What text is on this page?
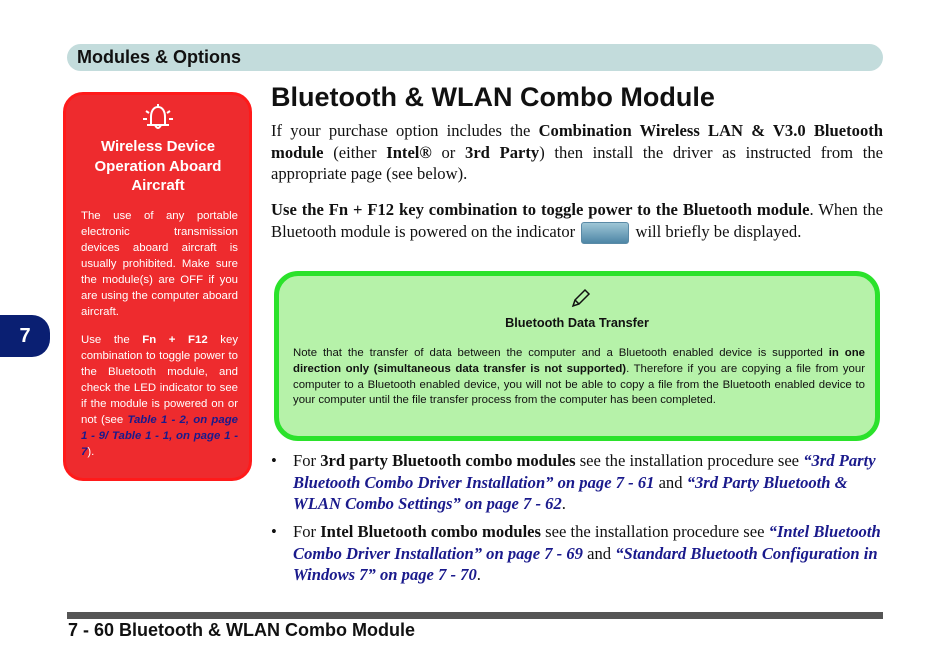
Modules & Options
7
Wireless Device Operation Aboard Aircraft
The use of any portable electronic transmission devices aboard aircraft is usually prohibited. Make sure the module(s) are OFF if you are using the computer aboard aircraft.
Use the Fn + F12 key combination to toggle power to the Bluetooth module, and check the LED indicator to see if the module is powered on or not (see Table 1 - 2, on page 1 - 9/ Table 1 - 1, on page 1 - 7).
Bluetooth & WLAN Combo Module
If your purchase option includes the Combination Wireless LAN & V3.0 Bluetooth module (either Intel® or 3rd Party) then install the driver as instructed from the appropriate page (see below).
Use the Fn + F12 key combination to toggle power to the Bluetooth module. When the Bluetooth module is powered on the indicator	will briefly be displayed.
Bluetooth Data Transfer
Note that the transfer of data between the computer and a Bluetooth enabled device is supported in one direction only (simultaneous data transfer is not supported). Therefore if you are copying a file from your computer to a Bluetooth enabled device, you will not be able to copy a file from the Bluetooth enabled device to your computer until the file transfer process from the computer has been completed.
• For 3rd party Bluetooth combo modules see the installation procedure see “3rd Party Bluetooth Combo Driver Installation” on page 7 - 61 and “3rd Party Bluetooth & WLAN Combo Settings” on page 7 - 62.
• For Intel Bluetooth combo modules see the installation procedure see “Intel Bluetooth Combo Driver Installation” on page 7 - 69 and “Standard Bluetooth Configuration in Windows 7” on page 7 - 70.
7 - 60 Bluetooth & WLAN Combo Module
